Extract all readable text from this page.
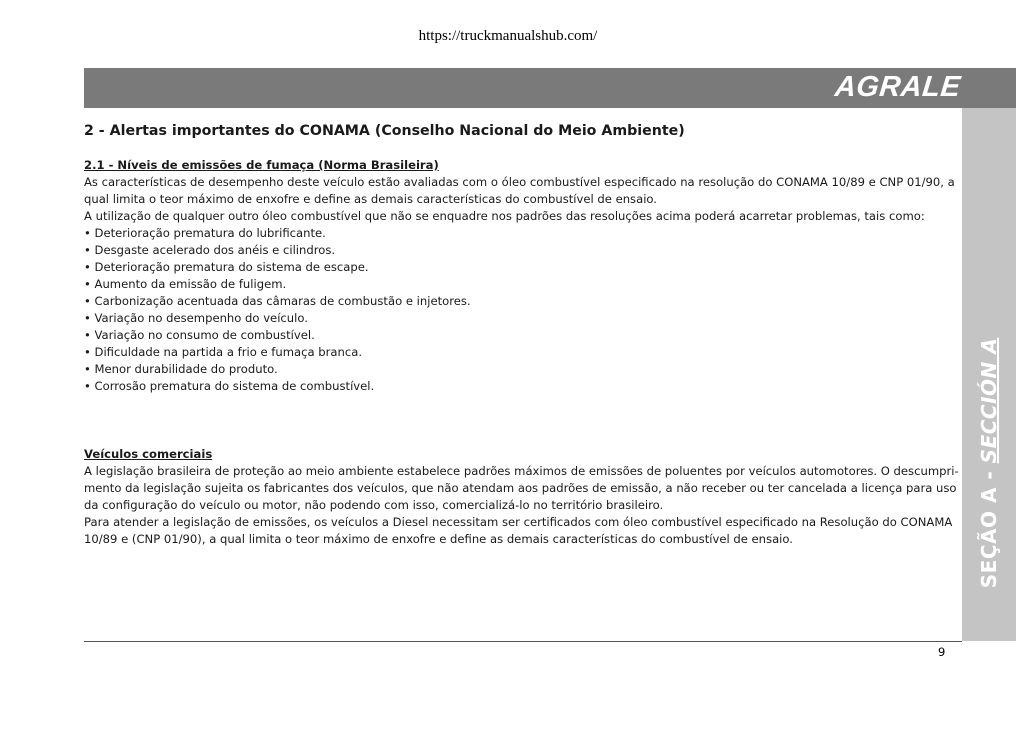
https://truckmanualshub.com/
AGRALE
SEÇÃO A - SECCIÓN A
2 - Alertas importantes do CONAMA (Conselho Nacional do Meio Ambiente)
2.1 - Níveis de emissões de fumaça (Norma Brasileira)

As características de desempenho deste veículo estão avaliadas com o óleo combustível especificado na resolução do CONAMA 10/89 e CNP 01/90, a qual limita o teor máximo de enxofre e define as demais características do combustível de ensaio.

A utilização de qualquer outro óleo combustível que não se enquadre nos padrões das resoluções acima poderá acarretar problemas, tais como:

• Deterioração prematura do lubrificante.
• Desgaste acelerado dos anéis e cilindros.
• Deterioração prematura do sistema de escape.
• Aumento da emissão de fuligem.
• Carbonização acentuada das câmaras de combustão e injetores.
• Variação no desempenho do veículo.
• Variação no consumo de combustível.
• Dificuldade na partida a frio e fumaça branca.
• Menor durabilidade do produto.
• Corrosão prematura do sistema de combustível.
Veículos comerciais

A legislação brasileira de proteção ao meio ambiente estabelece padrões máximos de emissões de poluentes por veículos automotores. O descumpri-mento da legislação sujeita os fabricantes dos veículos, que não atendam aos padrões de emissão, a não receber ou ter cancelada a licença para uso da configuração do veículo ou motor, não podendo com isso, comercializá-lo no território brasileiro.

Para atender a legislação de emissões, os veículos a Diesel necessitam ser certificados com óleo combustível especificado na Resolução do CONAMA 10/89 e (CNP 01/90), a qual limita o teor máximo de enxofre e define as demais características do combustível de ensaio.

9
